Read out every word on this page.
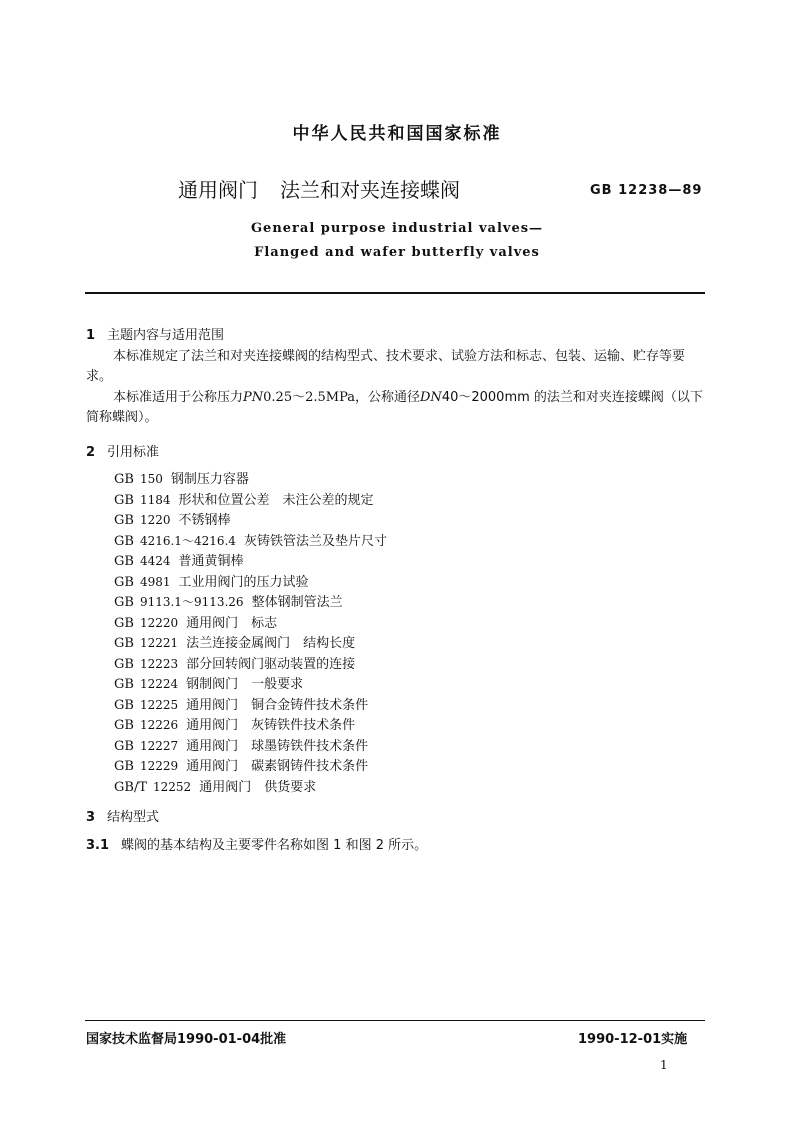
中华人民共和国国家标准
通用阀门 法兰和对夹连接蝶阀	GB 12238—89
General purpose industrial valves—
Flanged and wafer butterfly valves
1 主题内容与适用范围
本标准规定了法兰和对夹连接蝶阀的结构型式、技术要求、试验方法和标志、包装、运输、贮存等要求。
本标准适用于公称压力PN0.25～2.5MPa，公称通径DN40～2000mm 的法兰和对夹连接蝶阀（以下简称蝶阀）。
2 引用标准
GB 150 钢制压力容器
GB 1184 形状和位置公差　未注公差的规定
GB 1220 不锈钢棒
GB 4216.1～4216.4 灰铸铁管法兰及垫片尺寸
GB 4424 普通黄铜棒
GB 4981 工业用阀门的压力试验
GB 9113.1～9113.26 整体钢制管法兰
GB 12220 通用阀门　标志
GB 12221 法兰连接金属阀门　结构长度
GB 12223 部分回转阀门驱动装置的连接
GB 12224 钢制阀门　一般要求
GB 12225 通用阀门　铜合金铸件技术条件
GB 12226 通用阀门　灰铸铁件技术条件
GB 12227 通用阀门　球墨铸铁件技术条件
GB 12229 通用阀门　碳素钢铸件技术条件
GB/T 12252 通用阀门　供货要求
3 结构型式
3.1 蝶阀的基本结构及主要零件名称如图 1 和图 2 所示。
国家技术监督局1990-01-04批准	1990-12-01实施
1
